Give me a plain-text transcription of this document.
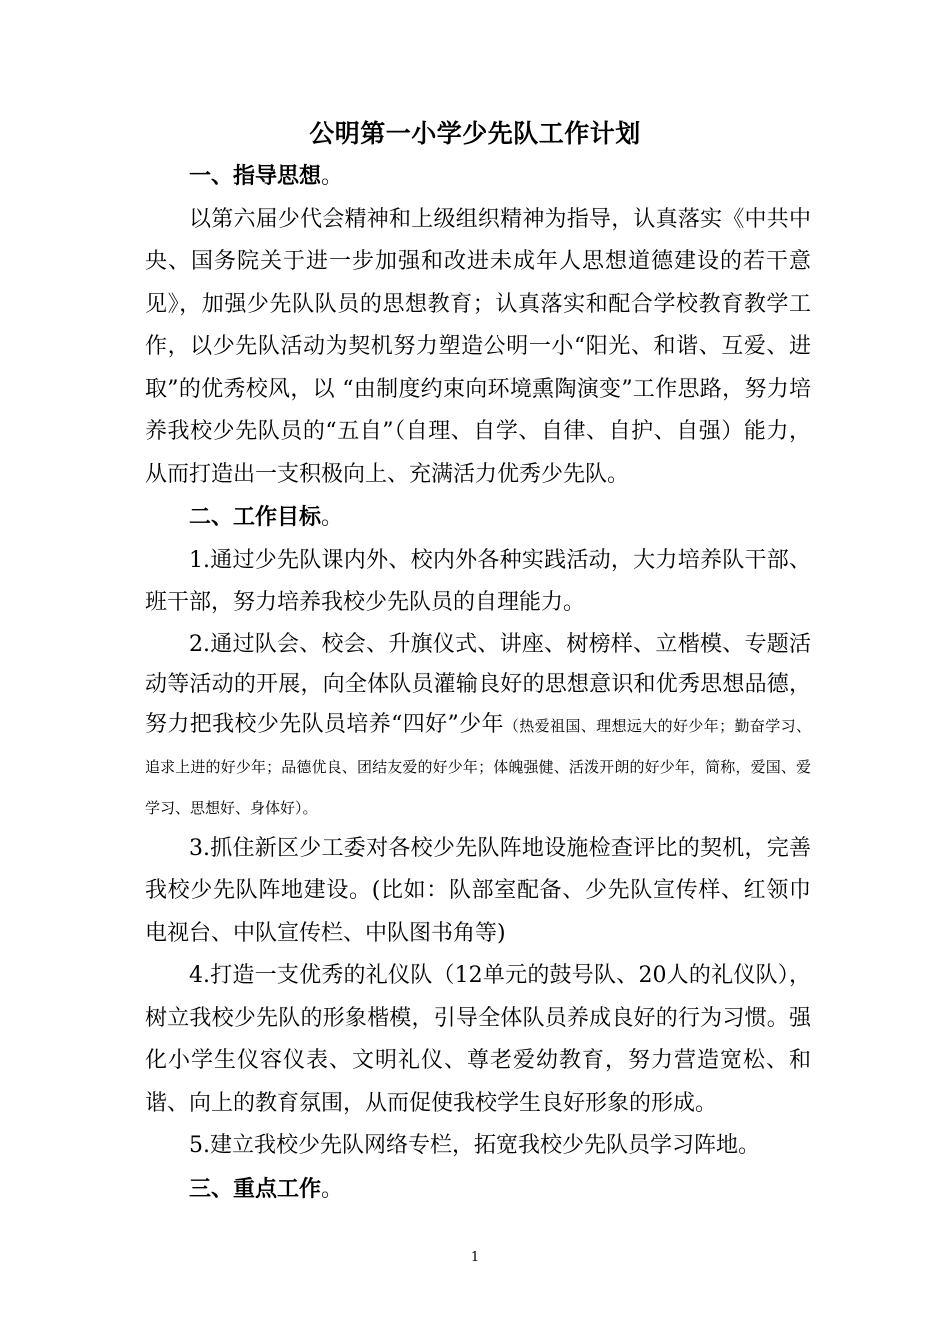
公明第一小学少先队工作计划

一、指导思想。

以第六届少代会精神和上级组织精神为指导，认真落实《中共中央、国务院关于进一步加强和改进未成年人思想道德建设的若干意见》，加强少先队队员的思想教育；认真落实和配合学校教育教学工作，以少先队活动为契机努力塑造公明一小“阳光、和谐、互爱、进取”的优秀校风，以 “由制度约束向环境熏陶演变”工作思路，努力培养我校少先队员的“五自”（自理、自学、自律、自护、自强）能力，从而打造出一支积极向上、充满活力优秀少先队。

二、工作目标。

1.通过少先队课内外、校内外各种实践活动，大力培养队干部、班干部，努力培养我校少先队员的自理能力。

2.通过队会、校会、升旗仪式、讲座、树榜样、立楷模、专题活动等活动的开展，向全体队员灌输良好的思想意识和优秀思想品德，努力把我校少先队员培养“四好”少年（热爱祖国、理想远大的好少年；勤奋学习、追求上进的好少年；品德优良、团结友爱的好少年；体魄强健、活泼开朗的好少年，简称，爱国、爱学习、思想好、身体好）。

3.抓住新区少工委对各校少先队阵地设施检查评比的契机，完善我校少先队阵地建设。(比如：队部室配备、少先队宣传样、红领巾电视台、中队宣传栏、中队图书角等)

4.打造一支优秀的礼仪队（12单元的鼓号队、20人的礼仪队），树立我校少先队的形象楷模，引导全体队员养成良好的行为习惯。强化小学生仪容仪表、文明礼仪、尊老爱幼教育，努力营造宽松、和谐、向上的教育氛围，从而促使我校学生良好形象的形成。

5.建立我校少先队网络专栏，拓宽我校少先队员学习阵地。

三、重点工作。

1
